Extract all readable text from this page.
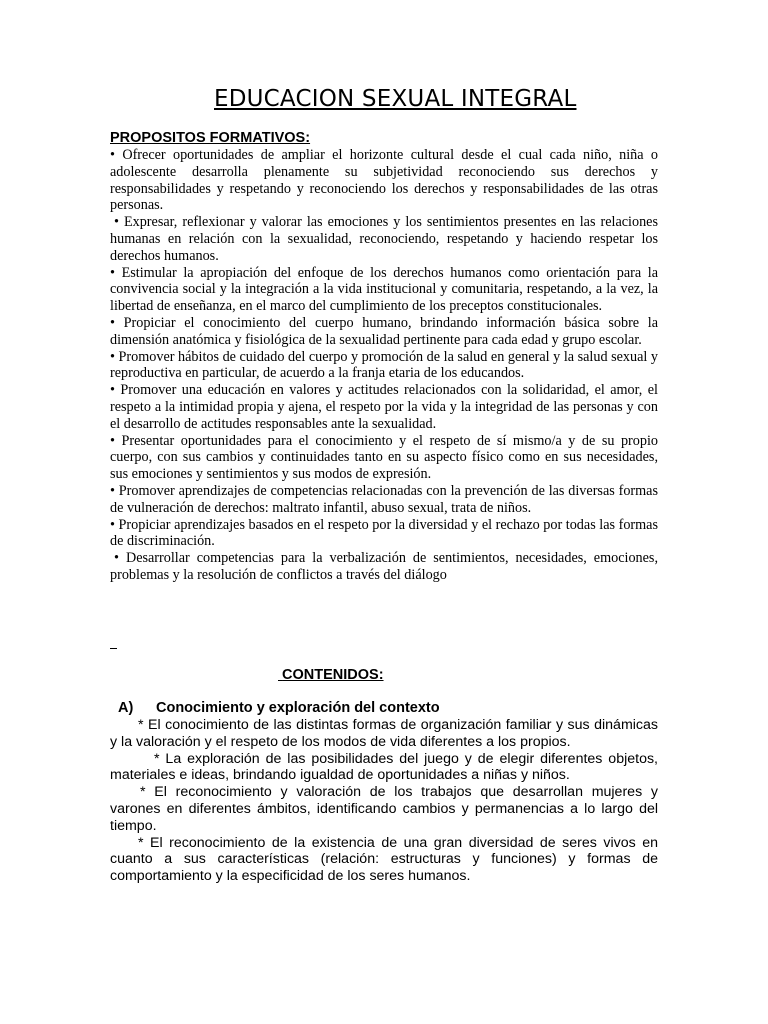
EDUCACION SEXUAL INTEGRAL
PROPOSITOS FORMATIVOS:
• Ofrecer oportunidades de ampliar el horizonte cultural desde el cual cada niño, niña o adolescente desarrolla plenamente su subjetividad reconociendo sus derechos y responsabilidades y respetando y reconociendo los derechos y responsabilidades de las otras personas.
• Expresar, reflexionar y valorar las emociones y los sentimientos presentes en las relaciones humanas en relación con la sexualidad, reconociendo, respetando y haciendo respetar los derechos humanos.
• Estimular la apropiación del enfoque de los derechos humanos como orientación para la convivencia social y la integración a la vida institucional y comunitaria, respetando, a la vez, la libertad de enseñanza, en el marco del cumplimiento de los preceptos constitucionales.
• Propiciar el conocimiento del cuerpo humano, brindando información básica sobre la dimensión anatómica y fisiológica de la sexualidad pertinente para cada edad y grupo escolar.
• Promover hábitos de cuidado del cuerpo y promoción de la salud en general y la salud sexual y reproductiva en particular, de acuerdo a la franja etaria de los educandos.
• Promover una educación en valores y actitudes relacionados con la solidaridad, el amor, el respeto a la intimidad propia y ajena, el respeto por la vida y la integridad de las personas y con el desarrollo de actitudes responsables ante la sexualidad.
• Presentar oportunidades para el conocimiento y el respeto de sí mismo/a y de su propio cuerpo, con sus cambios y continuidades tanto en su aspecto físico como en sus necesidades, sus emociones y sentimientos y sus modos de expresión.
• Promover aprendizajes de competencias relacionadas con la prevención de las diversas formas de vulneración de derechos: maltrato infantil, abuso sexual, trata de niños.
• Propiciar aprendizajes basados en el respeto por la diversidad y el rechazo por todas las formas de discriminación.
• Desarrollar competencias para la verbalización de sentimientos, necesidades, emociones, problemas y la resolución de conflictos a través del diálogo

CONTENIDOS:
A) Conocimiento y exploración del contexto
* El conocimiento de las distintas formas de organización familiar y sus dinámicas y la valoración y el respeto de los modos de vida diferentes a los propios.
* La exploración de las posibilidades del juego y de elegir diferentes objetos, materiales e ideas, brindando igualdad de oportunidades a niñas y niños.
* El reconocimiento y valoración de los trabajos que desarrollan mujeres y varones en diferentes ámbitos, identificando cambios y permanencias a lo largo del tiempo.
* El reconocimiento de la existencia de una gran diversidad de seres vivos en cuanto a sus características (relación: estructuras y funciones) y formas de comportamiento y la especificidad de los seres humanos.
